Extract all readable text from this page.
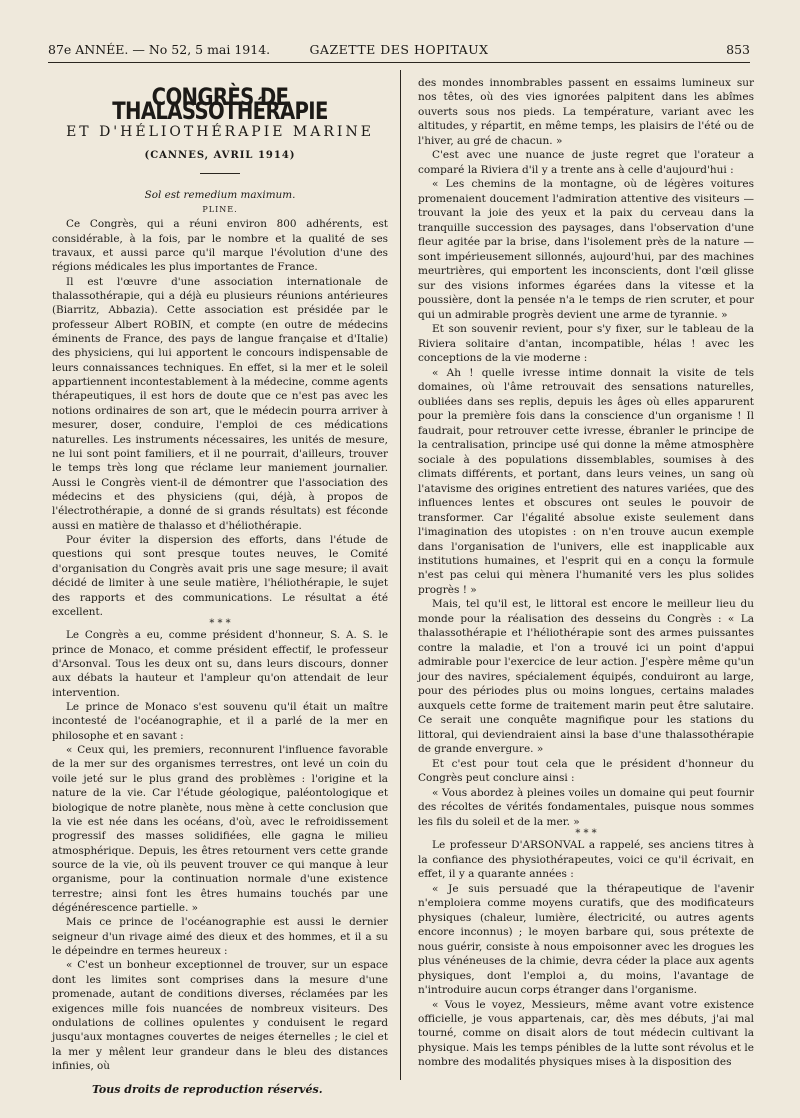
87e ANNÉE. — No 52, 5 mai 1914.	GAZETTE DES HOPITAUX	853
CONGRÈS DE THALASSOTHÉRAPIE
ET D'HÉLIOTHÉRAPIE MARINE
(CANNES, AVRIL 1914)

Sol est remedium maximum.

PLINE.

Ce Congrès, qui a réuni environ 800 adhérents, est considérable, à la fois, par le nombre et la qualité de ses travaux, et aussi parce qu'il marque l'évolution d'une des régions médicales les plus importantes de France.

Il est l'œuvre d'une association internationale de thalassothérapie, qui a déjà eu plusieurs réunions antérieures (Biarritz, Abbazia). Cette association est présidée par le professeur Albert ROBIN, et compte (en outre de médecins éminents de France, des pays de langue française et d'Italie) des physiciens, qui lui apportent le concours indispensable de leurs connaissances techniques. En effet, si la mer et le soleil appartiennent incontestablement à la médecine, comme agents thérapeutiques, il est hors de doute que ce n'est pas avec les notions ordinaires de son art, que le médecin pourra arriver à mesurer, doser, conduire, l'emploi de ces médications naturelles. Les instruments nécessaires, les unités de mesure, ne lui sont point familiers, et il ne pourrait, d'ailleurs, trouver le temps très long que réclame leur maniement journalier. Aussi le Congrès vient-il de démontrer que l'association des médecins et des physiciens (qui, déjà, à propos de l'électrothérapie, a donné de si grands résultats) est féconde aussi en matière de thalasso et d'héliothérapie.

Pour éviter la dispersion des efforts, dans l'étude de questions qui sont presque toutes neuves, le Comité d'organisation du Congrès avait pris une sage mesure; il avait décidé de limiter à une seule matière, l'héliothérapie, le sujet des rapports et des communications. Le résultat a été excellent.

* * *

Le Congrès a eu, comme président d'honneur, S. A. S. le prince de Monaco, et comme président effectif, le professeur d'Arsonval. Tous les deux ont su, dans leurs discours, donner aux débats la hauteur et l'ampleur qu'on attendait de leur intervention.

Le prince de Monaco s'est souvenu qu'il était un maître incontesté de l'océanographie, et il a parlé de la mer en philosophe et en savant :

« Ceux qui, les premiers, reconnurent l'influence favorable de la mer sur des organismes terrestres, ont levé un coin du voile jeté sur le plus grand des problèmes : l'origine et la nature de la vie. Car l'étude géologique, paléontologique et biologique de notre planète, nous mène à cette conclusion que la vie est née dans les océans, d'où, avec le refroidissement progressif des masses solidifiées, elle gagna le milieu atmosphérique. Depuis, les êtres retournent vers cette grande source de la vie, où ils peuvent trouver ce qui manque à leur organisme, pour la continuation normale d'une existence terrestre; ainsi font les êtres humains touchés par une dégénérescence partielle. »

Mais ce prince de l'océanographie est aussi le dernier seigneur d'un rivage aimé des dieux et des hommes, et il a su le dépeindre en termes heureux :

« C'est un bonheur exceptionnel de trouver, sur un espace dont les limites sont comprises dans la mesure d'une promenade, autant de conditions diverses, réclamées par les exigences mille fois nuancées de nombreux visiteurs. Des ondulations de collines opulentes y conduisent le regard jusqu'aux montagnes couvertes de neiges éternelles ; le ciel et la mer y mêlent leur grandeur dans le bleu des distances infinies, où

des mondes innombrables passent en essaims lumineux sur nos têtes, où des vies ignorées palpitent dans les abîmes ouverts sous nos pieds. La température, variant avec les altitudes, y répartit, en même temps, les plaisirs de l'été ou de l'hiver, au gré de chacun. »

C'est avec une nuance de juste regret que l'orateur a comparé la Riviera d'il y a trente ans à celle d'aujourd'hui :

« Les chemins de la montagne, où de légères voitures promenaient doucement l'admiration attentive des visiteurs — trouvant la joie des yeux et la paix du cerveau dans la tranquille succession des paysages, dans l'observation d'une fleur agitée par la brise, dans l'isolement près de la nature — sont impérieusement sillonnés, aujourd'hui, par des machines meurtrières, qui emportent les inconscients, dont l'œil glisse sur des visions informes égarées dans la vitesse et la poussière, dont la pensée n'a le temps de rien scruter, et pour qui un admirable progrès devient une arme de tyrannie. »

Et son souvenir revient, pour s'y fixer, sur le tableau de la Riviera solitaire d'antan, incompatible, hélas ! avec les conceptions de la vie moderne :

« Ah ! quelle ivresse intime donnait la visite de tels domaines, où l'âme retrouvait des sensations naturelles, oubliées dans ses replis, depuis les âges où elles apparurent pour la première fois dans la conscience d'un organisme ! Il faudrait, pour retrouver cette ivresse, ébranler le principe de la centralisation, principe usé qui donne la même atmosphère sociale à des populations dissemblables, soumises à des climats différents, et portant, dans leurs veines, un sang où l'atavisme des origines entretient des natures variées, que des influences lentes et obscures ont seules le pouvoir de transformer. Car l'égalité absolue existe seulement dans l'imagination des utopistes : on n'en trouve aucun exemple dans l'organisation de l'univers, elle est inapplicable aux institutions humaines, et l'esprit qui en a conçu la formule n'est pas celui qui mènera l'humanité vers les plus solides progrès ! »

Mais, tel qu'il est, le littoral est encore le meilleur lieu du monde pour la réalisation des desseins du Congrès : « La thalassothérapie et l'héliothérapie sont des armes puissantes contre la maladie, et l'on a trouvé ici un point d'appui admirable pour l'exercice de leur action. J'espère même qu'un jour des navires, spécialement équipés, conduiront au large, pour des périodes plus ou moins longues, certains malades auxquels cette forme de traitement marin peut être salutaire. Ce serait une conquête magnifique pour les stations du littoral, qui deviendraient ainsi la base d'une thalassothérapie de grande envergure. »

Et c'est pour tout cela que le président d'honneur du Congrès peut conclure ainsi :

« Vous abordez à pleines voiles un domaine qui peut fournir des récoltes de vérités fondamentales, puisque nous sommes les fils du soleil et de la mer. »

* * *

Le professeur D'ARSONVAL a rappelé, ses anciens titres à la confiance des physiothérapeutes, voici ce qu'il écrivait, en effet, il y a quarante années :

« Je suis persuadé que la thérapeutique de l'avenir n'emploiera comme moyens curatifs, que des modificateurs physiques (chaleur, lumière, électricité, ou autres agents encore inconnus) ; le moyen barbare qui, sous prétexte de nous guérir, consiste à nous empoisonner avec les drogues les plus vénéneuses de la chimie, devra céder la place aux agents physiques, dont l'emploi a, du moins, l'avantage de n'introduire aucun corps étranger dans l'organisme.

« Vous le voyez, Messieurs, même avant votre existence officielle, je vous appartenais, car, dès mes débuts, j'ai mal tourné, comme on disait alors de tout médecin cultivant la physique. Mais les temps pénibles de la lutte sont révolus et le nombre des modalités physiques mises à la disposition des

Tous droits de reproduction réservés.
